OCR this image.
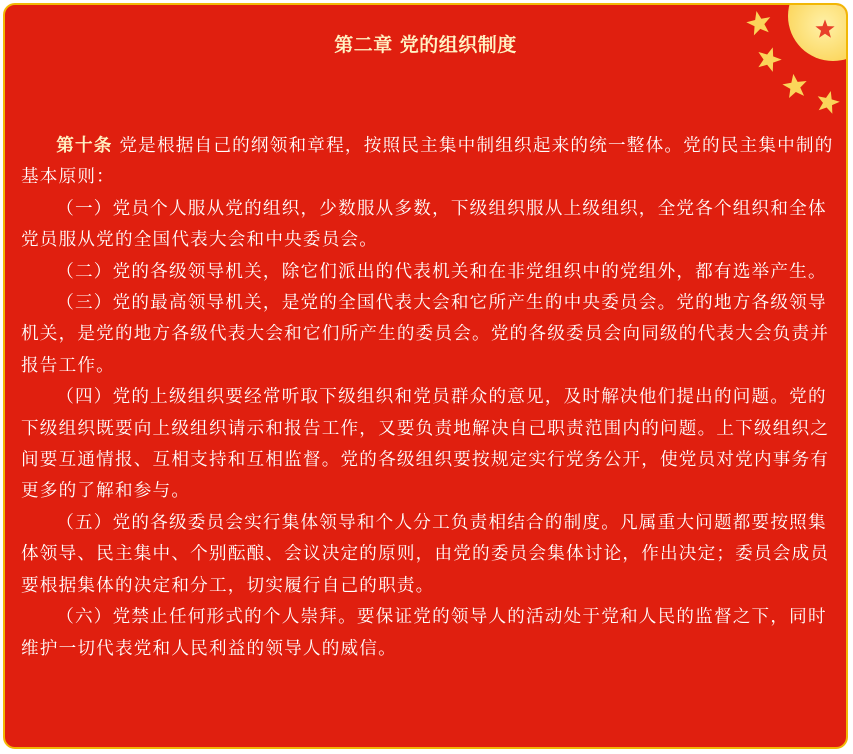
第二章 党的组织制度

第十条 党是根据自己的纲领和章程，按照民主集中制组织起来的统一整体。党的民主集中制的基本原则：

（一）党员个人服从党的组织，少数服从多数，下级组织服从上级组织，全党各个组织和全体党员服从党的全国代表大会和中央委员会。

（二）党的各级领导机关，除它们派出的代表机关和在非党组织中的党组外，都有选举产生。

（三）党的最高领导机关，是党的全国代表大会和它所产生的中央委员会。党的地方各级领导机关，是党的地方各级代表大会和它们所产生的委员会。党的各级委员会向同级的代表大会负责并报告工作。

（四）党的上级组织要经常听取下级组织和党员群众的意见，及时解决他们提出的问题。党的下级组织既要向上级组织请示和报告工作，又要负责地解决自己职责范围内的问题。上下级组织之间要互通情报、互相支持和互相监督。党的各级组织要按规定实行党务公开，使党员对党内事务有更多的了解和参与。

（五）党的各级委员会实行集体领导和个人分工负责相结合的制度。凡属重大问题都要按照集体领导、民主集中、个别酝酿、会议决定的原则，由党的委员会集体讨论，作出决定；委员会成员要根据集体的决定和分工，切实履行自己的职责。

（六）党禁止任何形式的个人崇拜。要保证党的领导人的活动处于党和人民的监督之下，同时维护一切代表党和人民利益的领导人的威信。
